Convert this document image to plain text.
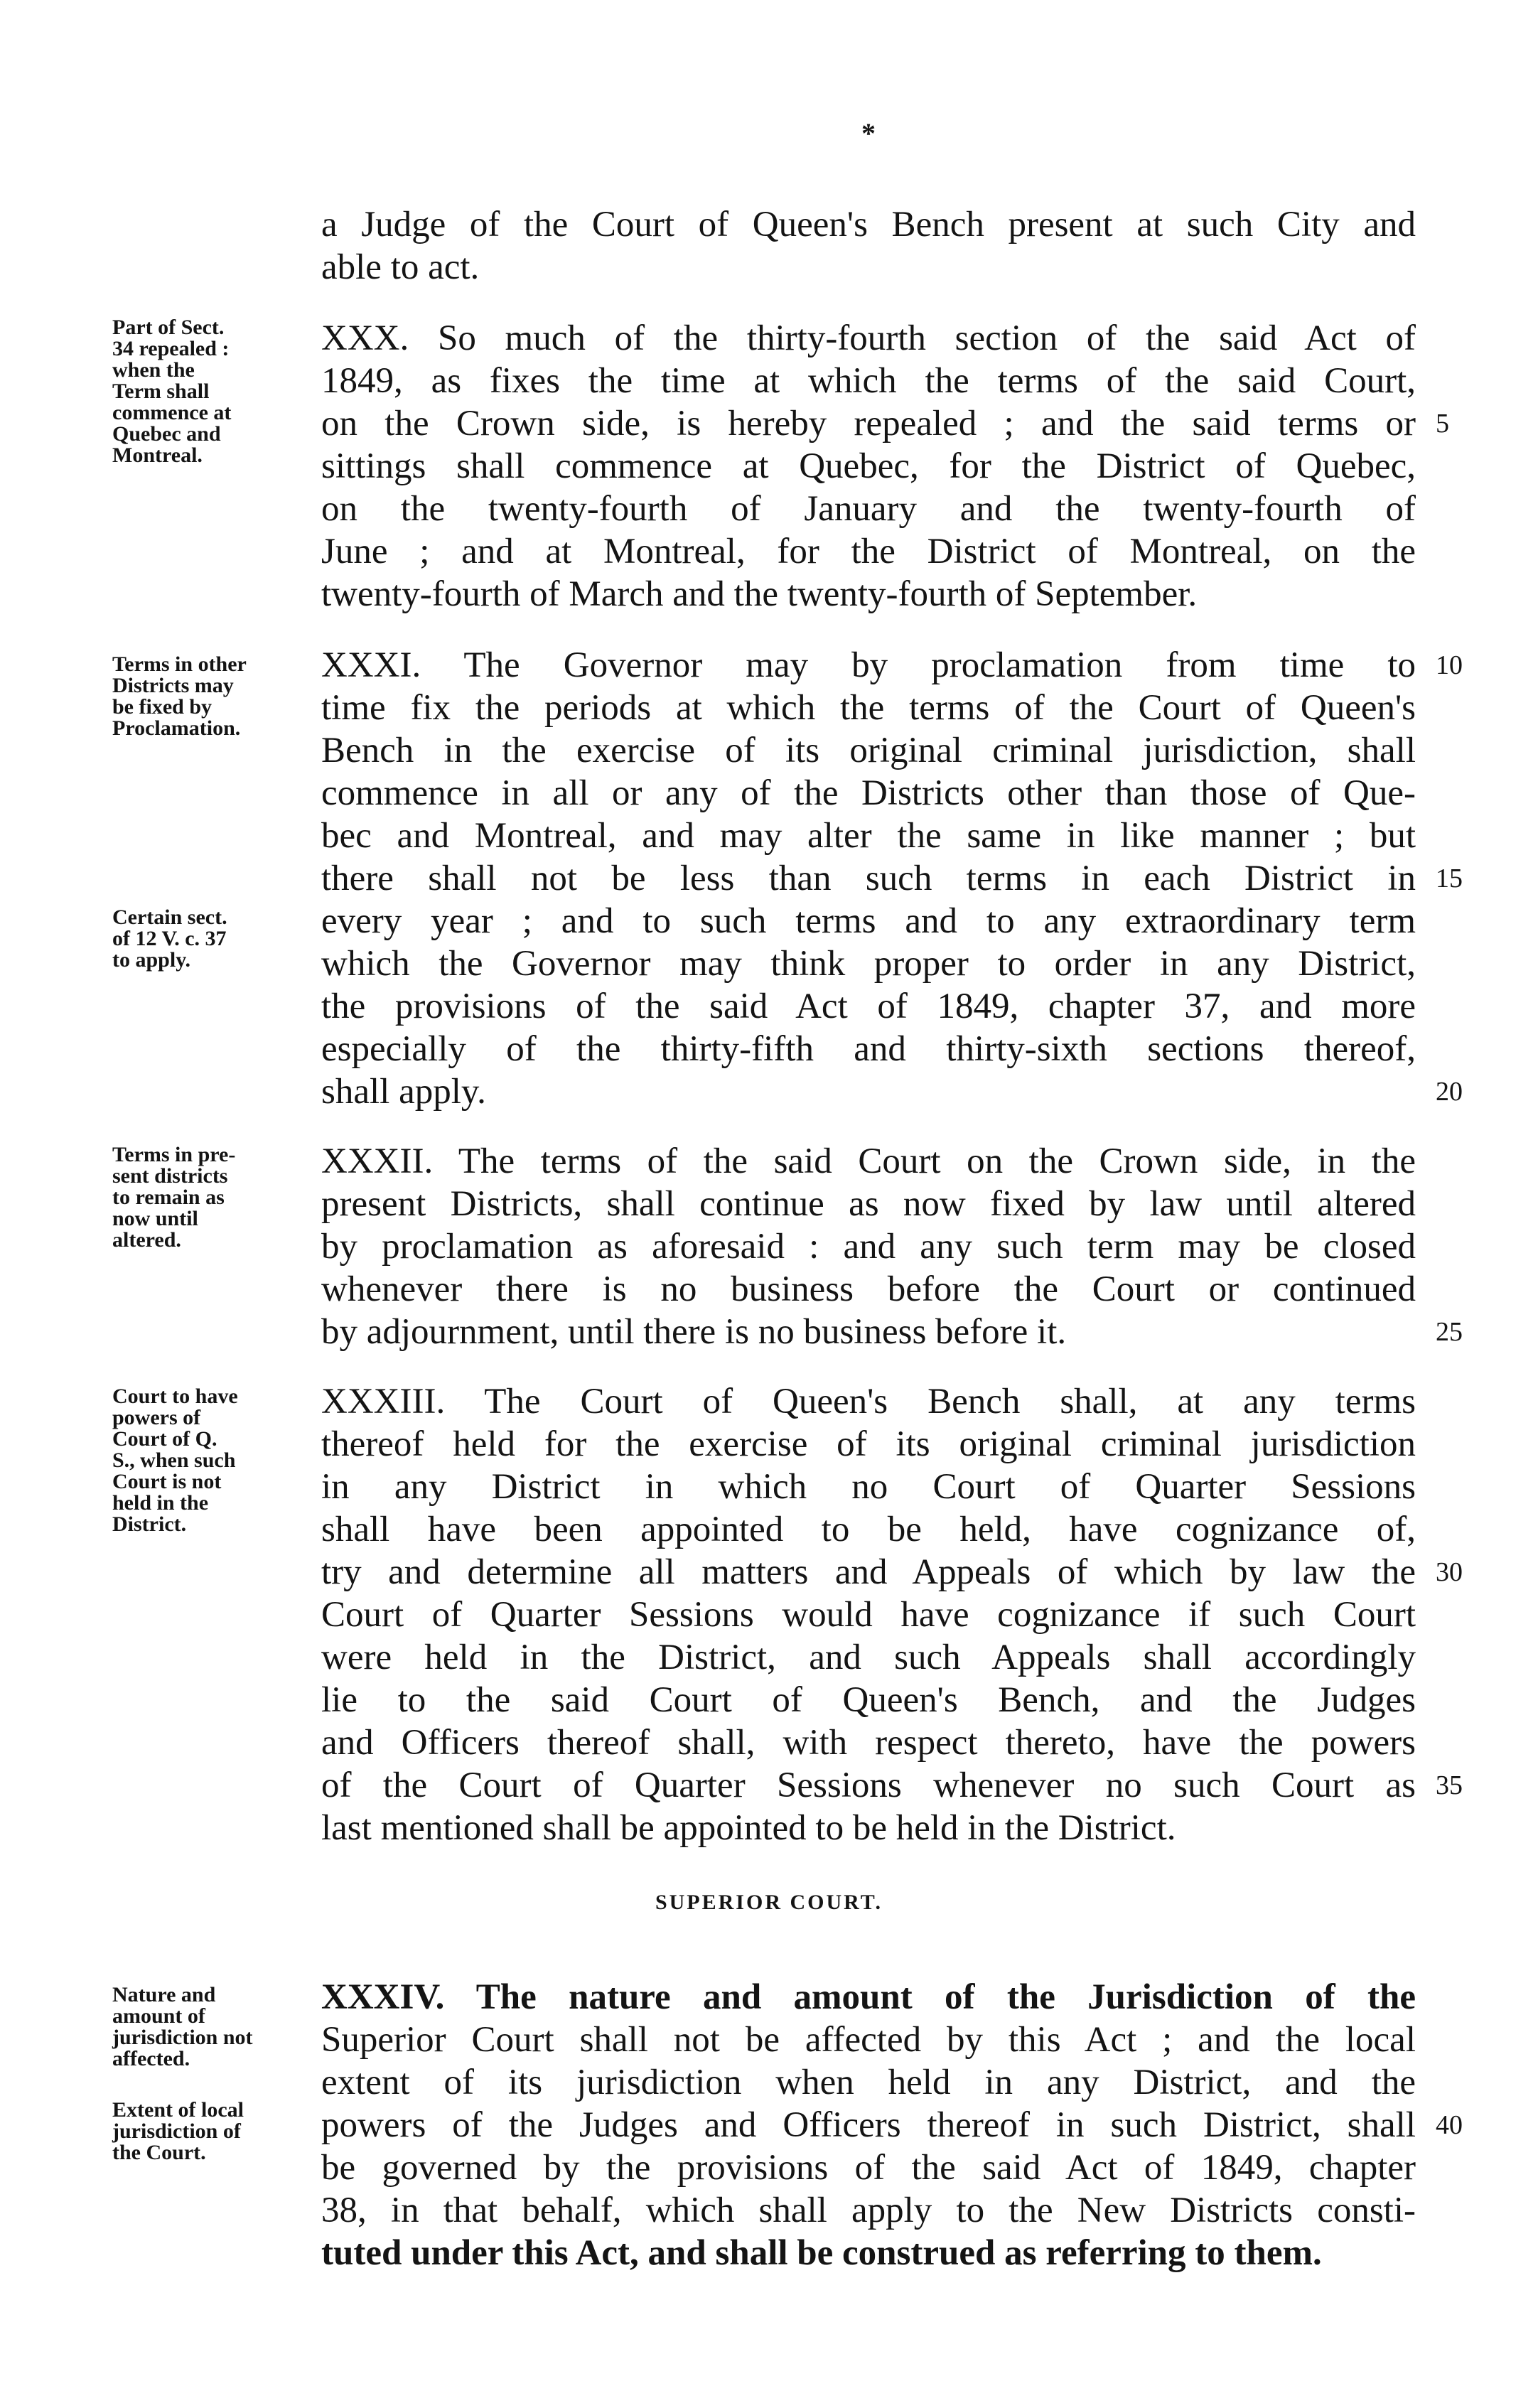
*
a Judge of the Court of Queen's Bench present at such City and
able to act.
XXX. So much of the thirty-fourth section of the said Act of
1849, as fixes the time at which the terms of the said Court,
on the Crown side, is hereby repealed ; and the said terms or
sittings shall commence at Quebec, for the District of Quebec,
on the twenty-fourth of January and the twenty-fourth of
June ; and at Montreal, for the District of Montreal, on the
twenty-fourth of March and the twenty-fourth of September.
XXXI. The Governor may by proclamation from time to
time fix the periods at which the terms of the Court of Queen's
Bench in the exercise of its original criminal jurisdiction, shall
commence in all or any of the Districts other than those of Que-
bec and Montreal, and may alter the same in like manner ; but
there shall not be less than such terms in each District in
every year ; and to such terms and to any extraordinary term
which the Governor may think proper to order in any District,
the provisions of the said Act of 1849, chapter 37, and more
especially of the thirty-fifth and thirty-sixth sections thereof,
shall apply.
XXXII. The terms of the said Court on the Crown side, in the
present Districts, shall continue as now fixed by law until altered
by proclamation as aforesaid : and any such term may be closed
whenever there is no business before the Court or continued
by adjournment, until there is no business before it.
XXXIII. The Court of Queen's Bench shall, at any terms
thereof held for the exercise of its original criminal jurisdiction
in any District in which no Court of Quarter Sessions
shall have been appointed to be held, have cognizance of,
try and determine all matters and Appeals of which by law the
Court of Quarter Sessions would have cognizance if such Court
were held in the District, and such Appeals shall accordingly
lie to the said Court of Queen's Bench, and the Judges
and Officers thereof shall, with respect thereto, have the powers
of the Court of Quarter Sessions whenever no such Court as
last mentioned shall be appointed to be held in the District.
SUPERIOR COURT.
XXXIV. The nature and amount of the Jurisdiction of the
Superior Court shall not be affected by this Act ; and the local
extent of its jurisdiction when held in any District, and the
powers of the Judges and Officers thereof in such District, shall
be governed by the provisions of the said Act of 1849, chapter
38, in that behalf, which shall apply to the New Districts consti-
tuted under this Act, and shall be construed as referring to them.
5
10
15
20
25
30
35
40
Part of Sect.
34 repealed :
when the
Term shall
commence at
Quebec and
Montreal.
Terms in other
Districts may
be fixed by
Proclamation.
Certain sect.
of 12 V. c. 37
to apply.
Terms in pre-
sent districts
to remain as
now until
altered.
Court to have
powers of
Court of Q.
S., when such
Court is not
held in the
District.
Nature and
amount of
jurisdiction not
affected.
Extent of local
jurisdiction of
the Court.
